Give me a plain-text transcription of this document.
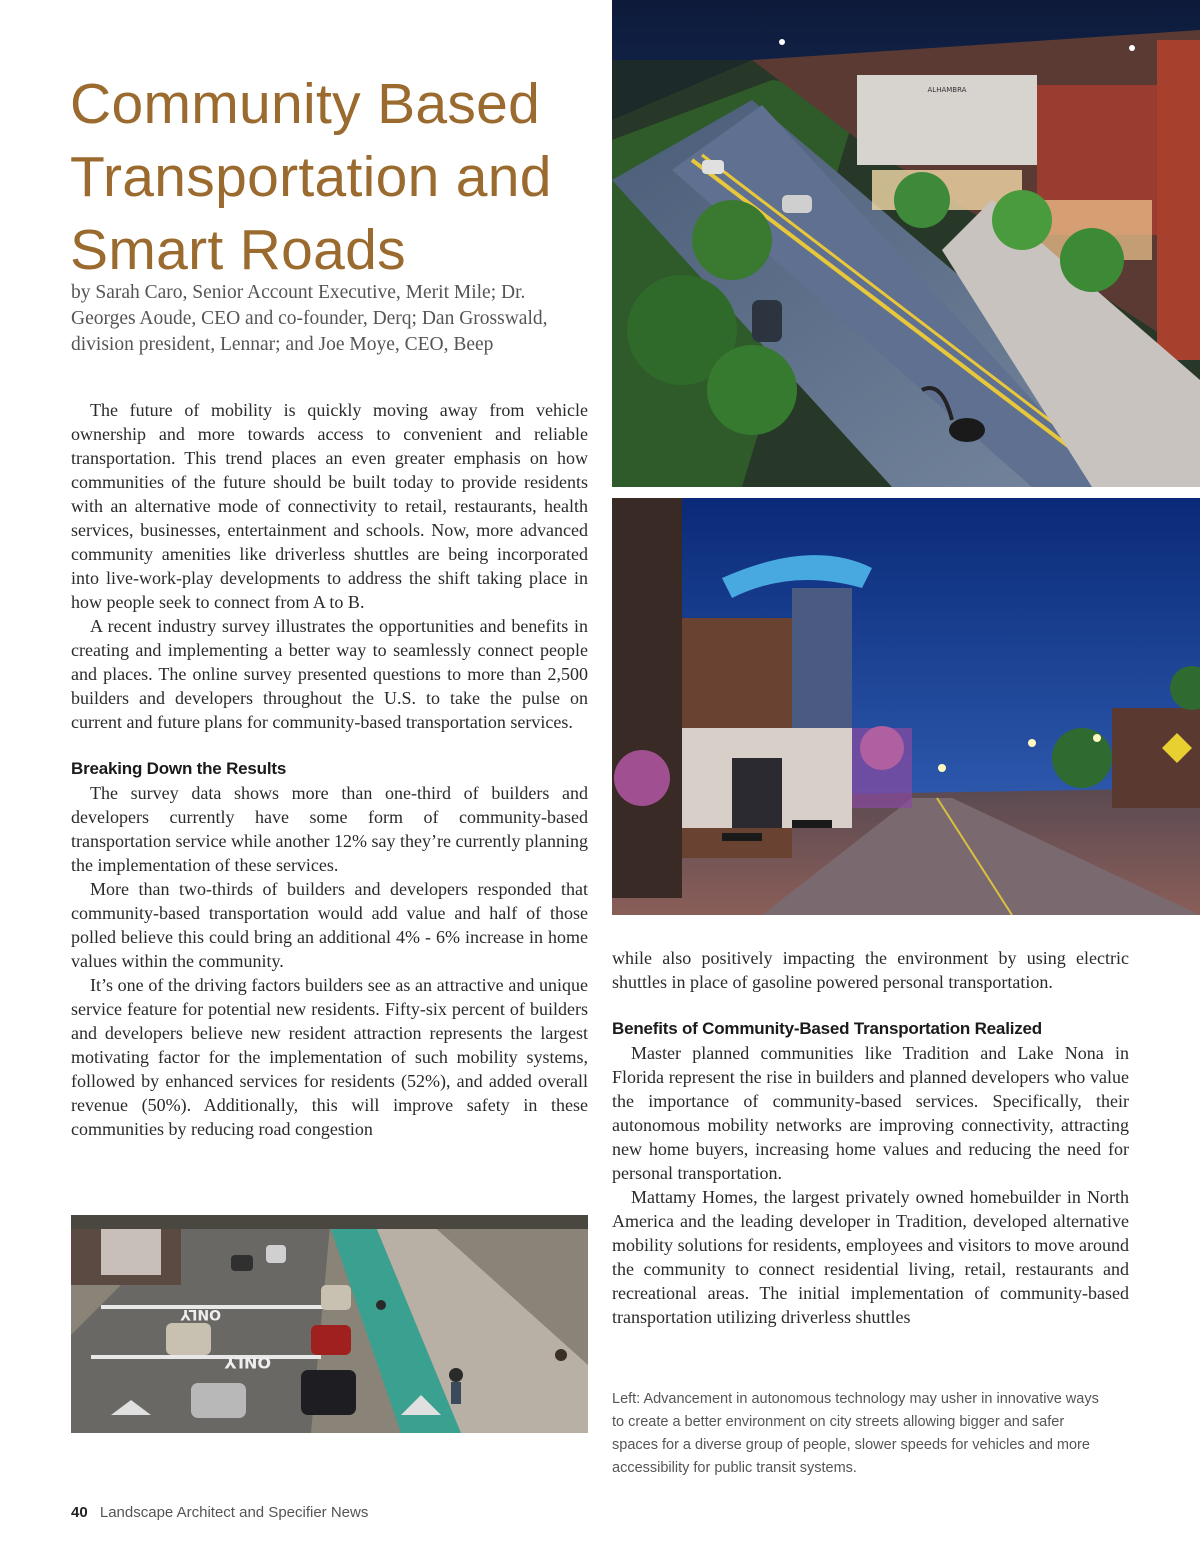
Community Based
Transportation and
Smart Roads

by Sarah Caro, Senior Account Executive, Merit Mile; Dr.
Georges Aoude, CEO and co-founder, Derq; Dan Grosswald,
division president, Lennar; and Joe Moye, CEO, Beep

The future of mobility is quickly moving away from vehicle ownership and more towards access to convenient and reliable transportation. This trend places an even greater emphasis on how communities of the future should be built today to provide residents with an alternative mode of connectivity to retail, restaurants, health services, businesses, entertainment and schools. Now, more advanced community amenities like driverless shuttles are being incorporated into live-work-play developments to address the shift taking place in how people seek to connect from A to B.

A recent industry survey illustrates the opportunities and benefits in creating and implementing a better way to seamlessly connect people and places. The online survey presented questions to more than 2,500 builders and developers throughout the U.S. to take the pulse on current and future plans for community-based transportation services.

Breaking Down the Results

The survey data shows more than one-third of builders and developers currently have some form of community-based transportation service while another 12% say they’re currently planning the implementation of these services.

More than two-thirds of builders and developers responded that community-based transportation would add value and half of those polled believe this could bring an additional 4% - 6% increase in home values within the community.

It’s one of the driving factors builders see as an attractive and unique service feature for potential new residents. Fifty-six percent of builders and developers believe new resident attraction represents the largest motivating factor for the implementation of such mobility systems, followed by enhanced services for residents (52%), and added overall revenue (50%). Additionally, this will improve safety in these communities by reducing road congestion

while also positively impacting the environment by using electric shuttles in place of gasoline powered personal transportation.

Benefits of Community-Based Transportation Realized

Master planned communities like Tradition and Lake Nona in Florida represent the rise in builders and planned developers who value the importance of community-based services. Specifically, their autonomous mobility networks are improving connectivity, attracting new home buyers, increasing home values and reducing the need for personal transportation.

Mattamy Homes, the largest privately owned homebuilder in North America and the leading developer in Tradition, developed alternative mobility solutions for residents, employees and visitors to move around the community to connect residential living, retail, restaurants and recreational areas. The initial implementation of community-based transportation utilizing driverless shuttles

ALHAMBRA
ONLY
ONLY

Left: Advancement in autonomous technology may usher in innovative ways to create a better environment on city streets allowing bigger and safer spaces for a diverse group of people, slower speeds for vehicles and more accessibility for public transit systems.

40 Landscape Architect and Specifier News
